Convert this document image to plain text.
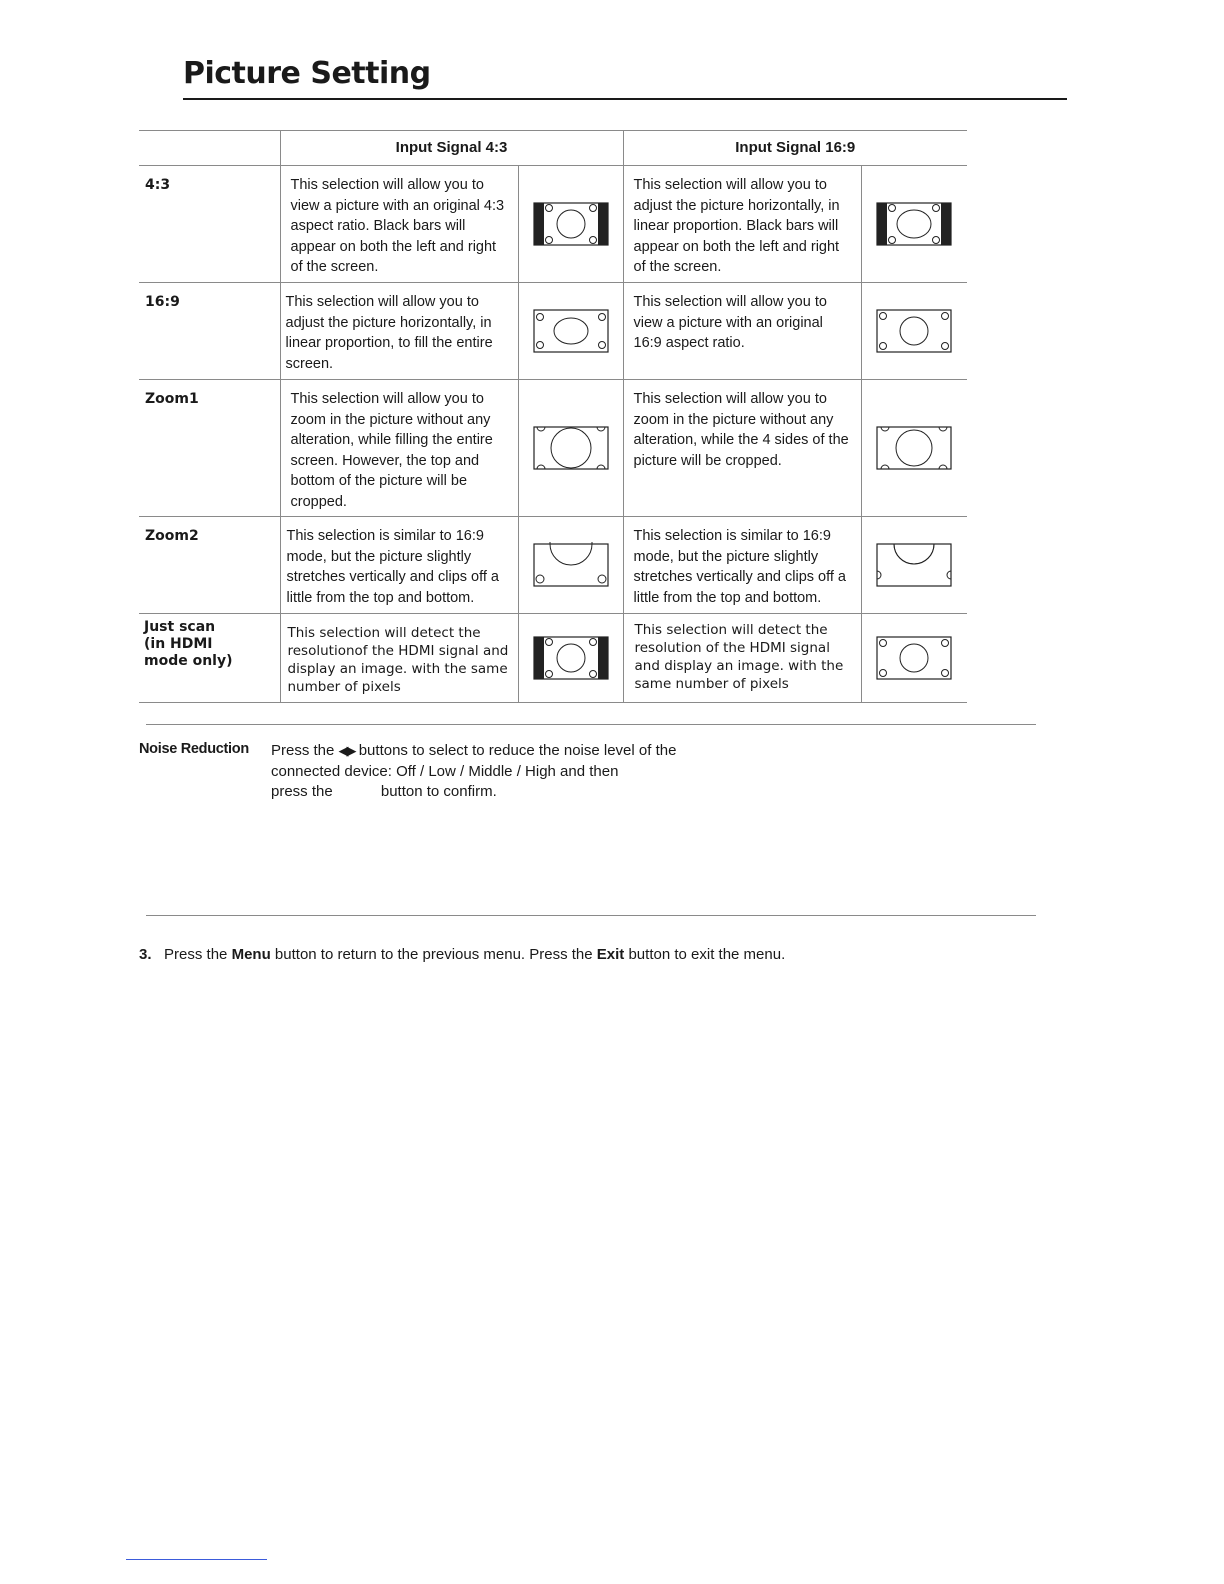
Picture Setting
	Input Signal 4:3		Input Signal 16:9	

4:3	This selection will allow you to view a picture with an original 4:3 aspect ratio. Black bars will appear on both the left and right of the screen.		This selection will allow you to adjust the picture horizontally, in linear proportion. Black bars will appear on both the left and right of the screen.

16:9	This selection will allow you to adjust the picture horizontally, in linear proportion, to fill the entire screen.		This selection will allow you to view a picture with an original 16:9 aspect ratio.

Zoom1	This selection will allow you to zoom in the picture without any alteration, while filling the entire screen. However, the top and bottom of the picture will be cropped.		This selection will allow you to zoom in the picture without any alteration, while the 4 sides of the picture will be cropped.

Zoom2	This selection is similar to 16:9 mode, but the picture slightly stretches vertically and clips off a little from the top and bottom.		This selection is similar to 16:9 mode, but the picture slightly stretches vertically and clips off a little from the top and bottom.

Just scan
(in HDMI
mode only)	This selection will detect the resolutionof the HDMI signal and display an image. with the same number of pixels		This selection will detect the resolution of the HDMI signal and display an image. with the same number of pixels

Noise Reduction Press the ◀▶ buttons to select to reduce the noise level of the

connected device: Off / Low / Middle / High and then

press the	button to confirm.

3. Press the Menu button to return to the previous menu. Press the Exit button to exit the menu.
